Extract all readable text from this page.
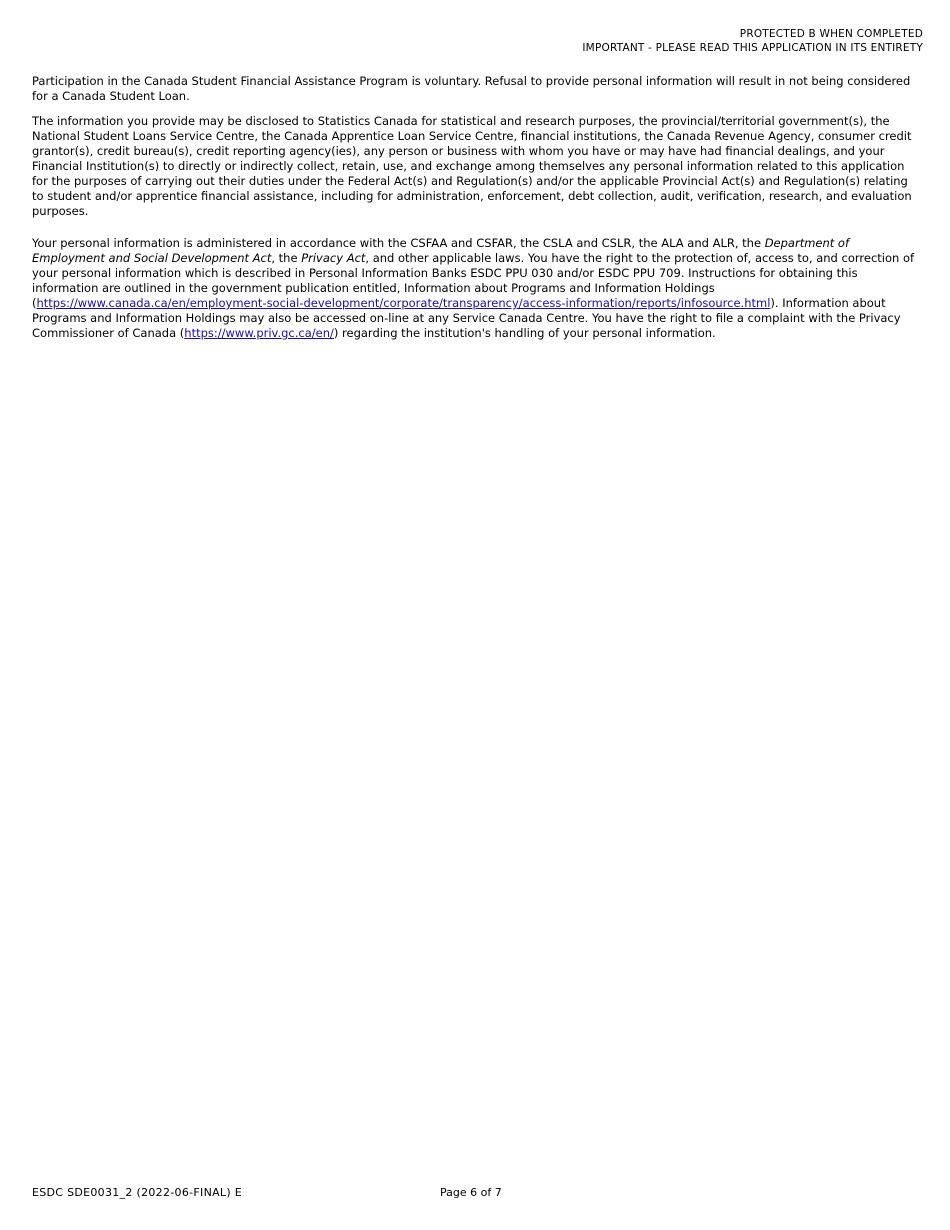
PROTECTED B WHEN COMPLETED
IMPORTANT - PLEASE READ THIS APPLICATION IN ITS ENTIRETY

Participation in the Canada Student Financial Assistance Program is voluntary. Refusal to provide personal information will result in not being considered for a Canada Student Loan.

The information you provide may be disclosed to Statistics Canada for statistical and research purposes, the provincial/territorial government(s), the National Student Loans Service Centre, the Canada Apprentice Loan Service Centre, financial institutions, the Canada Revenue Agency, consumer credit grantor(s), credit bureau(s), credit reporting agency(ies), any person or business with whom you have or may have had financial dealings, and your Financial Institution(s) to directly or indirectly collect, retain, use, and exchange among themselves any personal information related to this application for the purposes of carrying out their duties under the Federal Act(s) and Regulation(s) and/or the applicable Provincial Act(s) and Regulation(s) relating to student and/or apprentice financial assistance, including for administration, enforcement, debt collection, audit, verification, research, and evaluation purposes.

Your personal information is administered in accordance with the CSFAA and CSFAR, the CSLA and CSLR, the ALA and ALR, the Department of Employment and Social Development Act, the Privacy Act, and other applicable laws. You have the right to the protection of, access to, and correction of your personal information which is described in Personal Information Banks ESDC PPU 030 and/or ESDC PPU 709. Instructions for obtaining this information are outlined in the government publication entitled, Information about Programs and Information Holdings (https://www.canada.ca/en/employment-social-development/corporate/transparency/access-information/reports/infosource.html). Information about Programs and Information Holdings may also be accessed on-line at any Service Canada Centre. You have the right to file a complaint with the Privacy Commissioner of Canada (https://www.priv.gc.ca/en/) regarding the institution's handling of your personal information.

ESDC SDE0031_2 (2022-06-FINAL) E	Page 6 of 7
